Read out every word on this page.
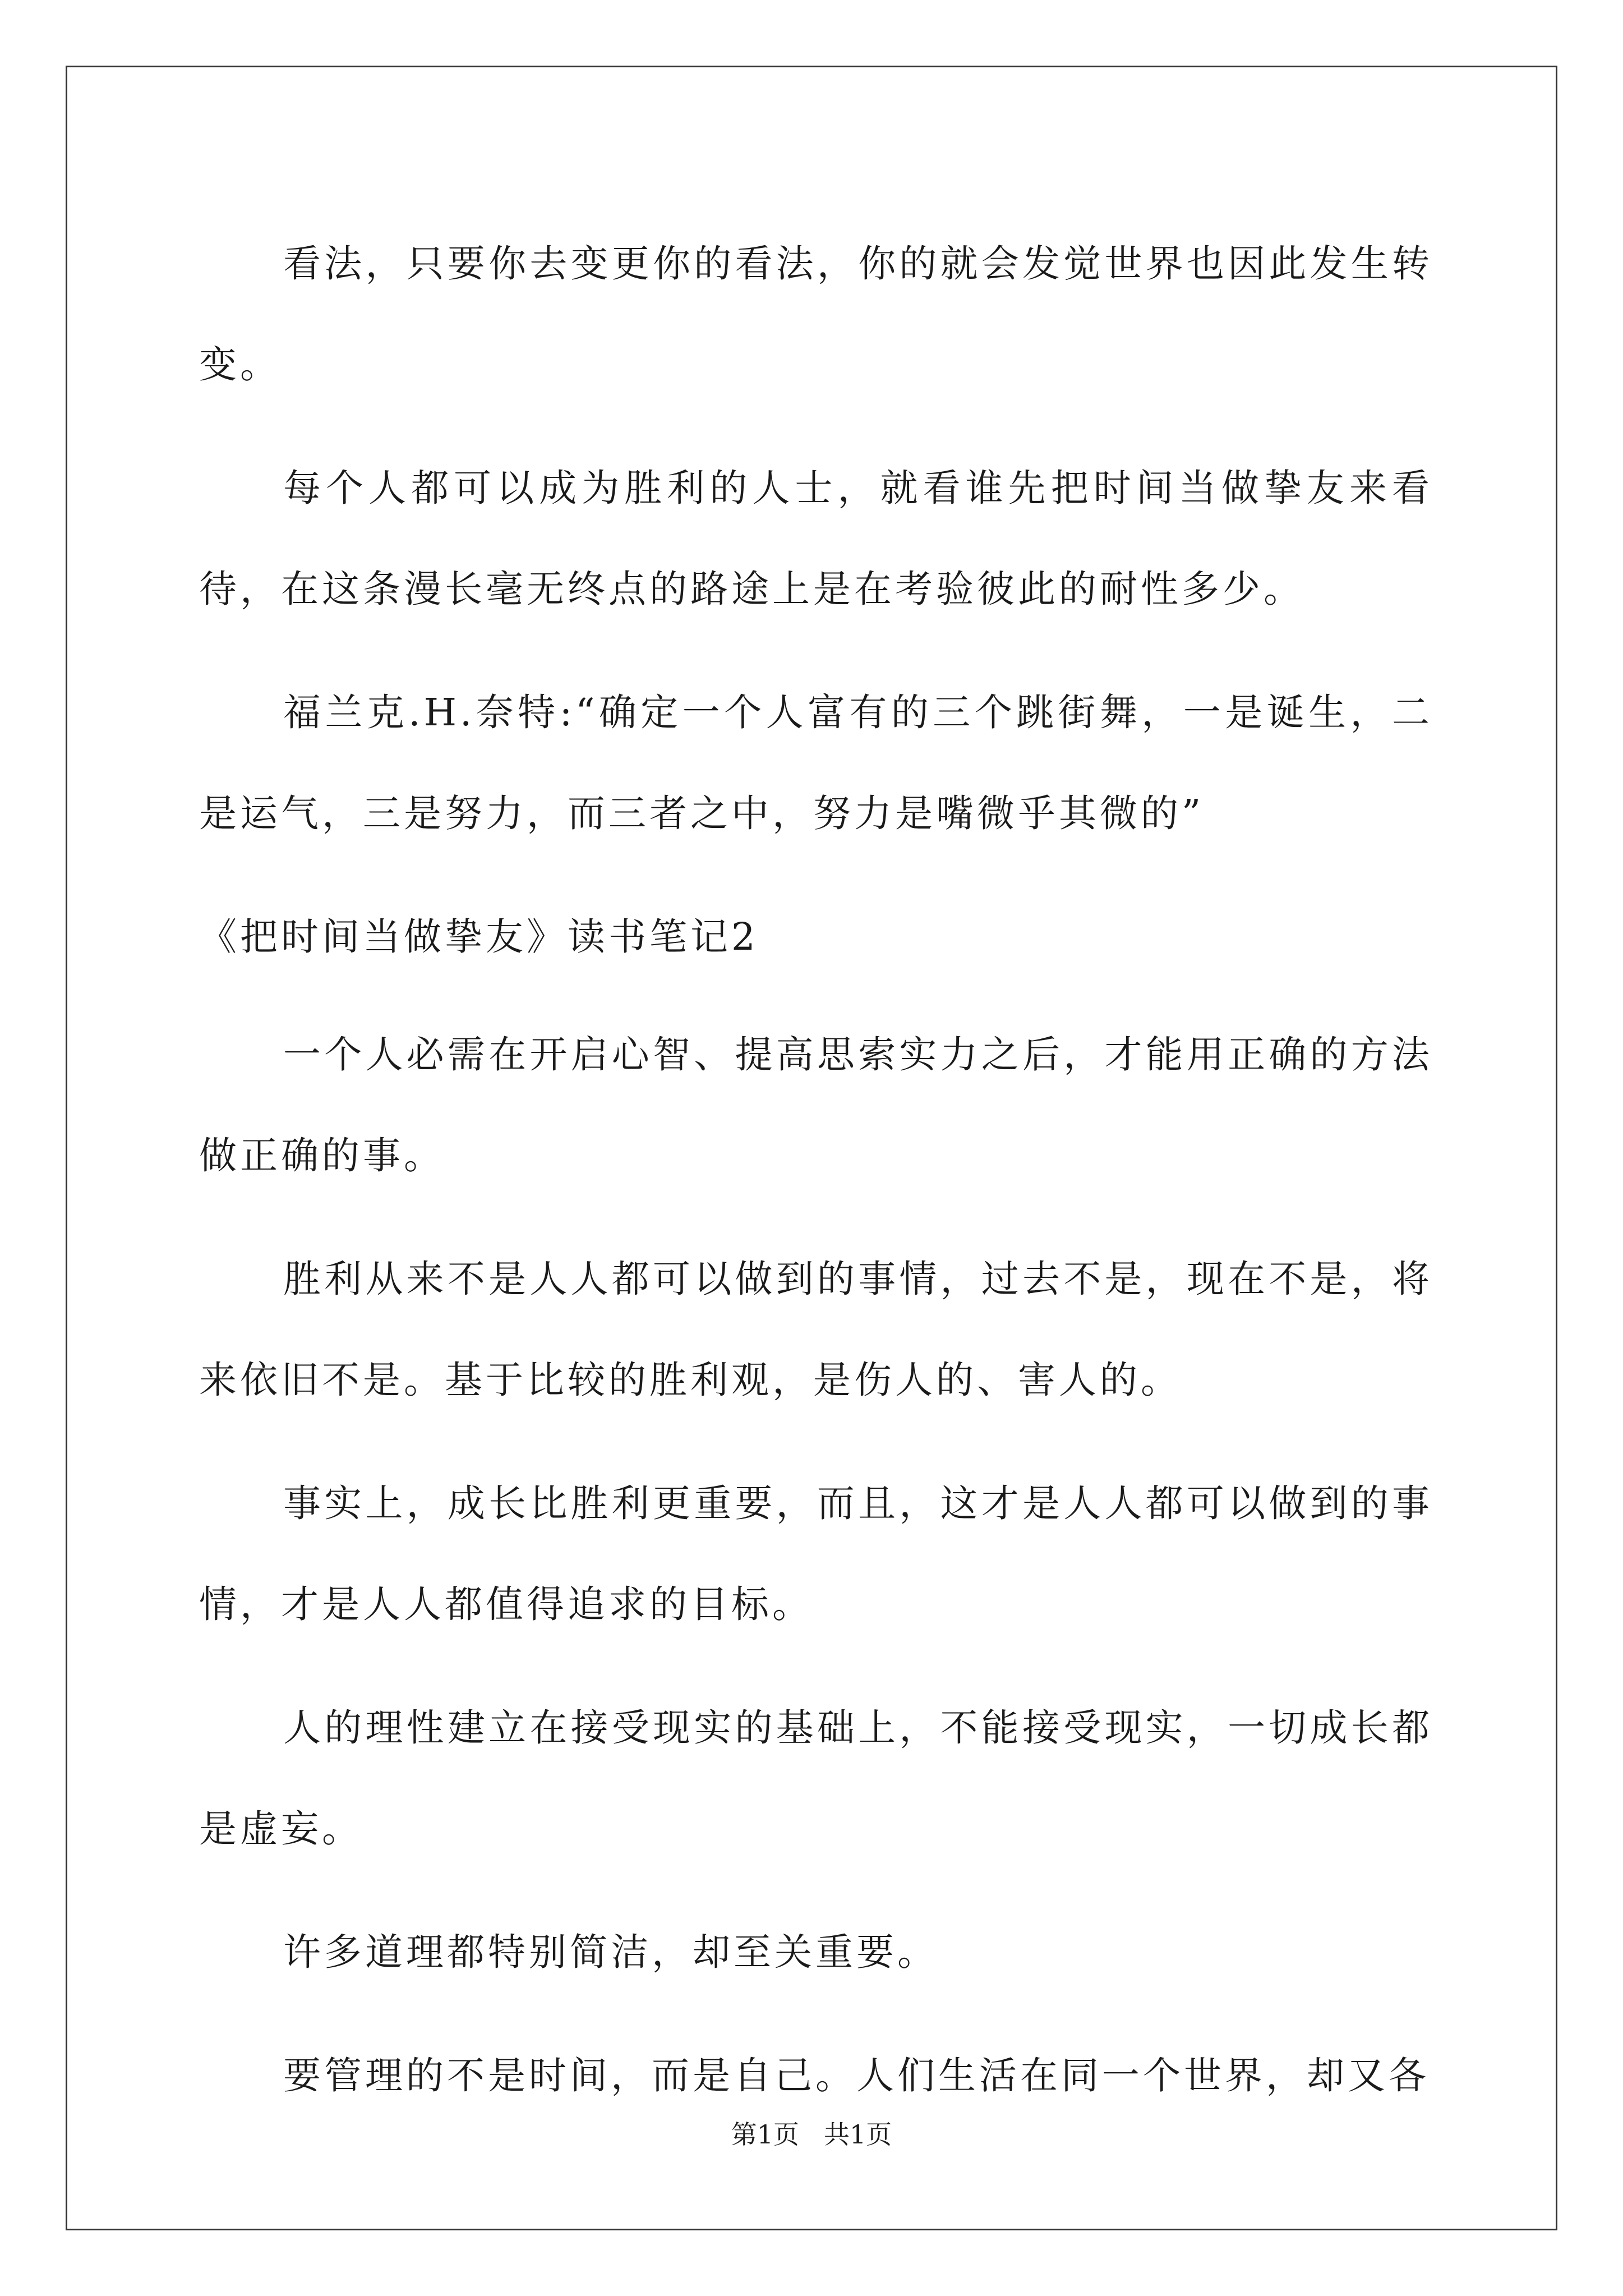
看法，只要你去变更你的看法，你的就会发觉世界也因此发生转变。

每个人都可以成为胜利的人士，就看谁先把时间当做挚友来看待，在这条漫长毫无终点的路途上是在考验彼此的耐性多少。

福兰克.H.奈特:“确定一个人富有的三个跳街舞，一是诞生，二是运气，三是努力，而三者之中，努力是嘴微乎其微的”

《把时间当做挚友》读书笔记2

一个人必需在开启心智、提高思索实力之后，才能用正确的方法做正确的事。

胜利从来不是人人都可以做到的事情，过去不是，现在不是，将来依旧不是。基于比较的胜利观，是伤人的、害人的。

事实上，成长比胜利更重要，而且，这才是人人都可以做到的事情，才是人人都值得追求的目标。

人的理性建立在接受现实的基础上，不能接受现实，一切成长都是虚妄。

许多道理都特别简洁，却至关重要。

要管理的不是时间，而是自己。人们生活在同一个世界，却又各

第1页 共1页
